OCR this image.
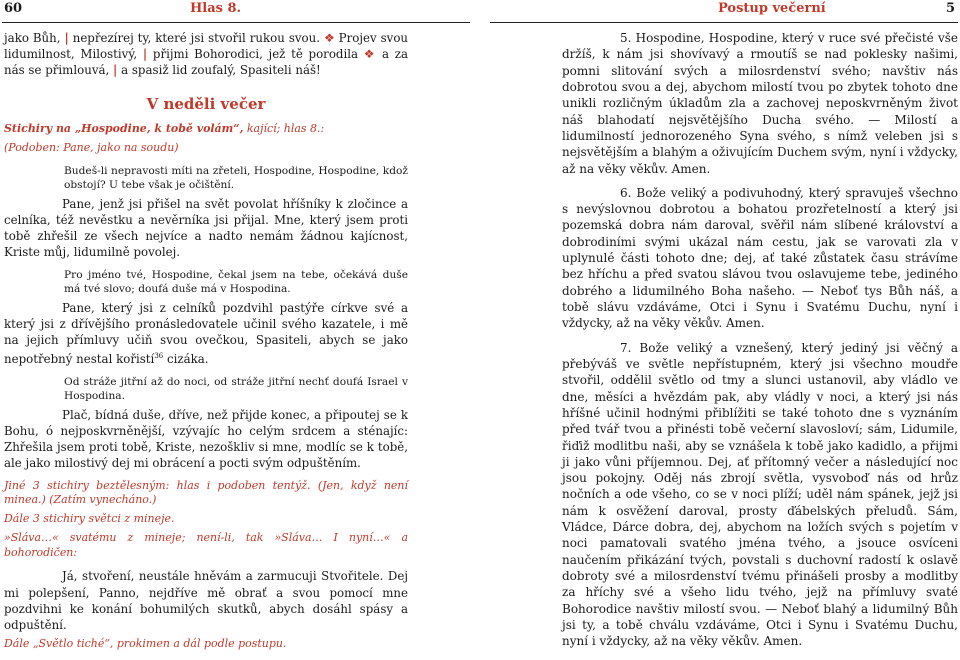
60	Hlas 8.	Postup večerní	5

jako Bůh, | nepřezírej ty, které jsi stvořil rukou svou. ❖ Projev svou lidumilnost, Milostivý, | přijmi Bohorodici, jež tě porodila ❖ a za nás se přimlouvá, | a spasiž lid zoufalý, Spasiteli náš!

V neděli večer

Stichiry na „Hospodine, k tobě volám“, kající; hlas 8.:

(Podoben: Pane, jako na soudu)

Budeš-li nepravosti míti na zřeteli, Hospodine, Hospodine, kdož obstojí? U tebe však je očištění.

Pane, jenž jsi přišel na svět povolat hříšníky k zločince a celníka, též nevěstku a nevěrníka jsi přijal. Mne, který jsem proti tobě zhřešil ze všech nejvíce a nadto nemám žádnou kajícnost, Kriste můj, lidumilně povolej.

Pro jméno tvé, Hospodine, čekal jsem na tebe, očekává duše má tvé slovo; doufá duše má v Hospodina.

Pane, který jsi z celníků pozdvihl pastýře církve své a který jsi z dřívějšího pronásledovatele učinil svého kazatele, i mě na jejich přímluvy učiň svou ovečkou, Spasiteli, abych se jako nepotřebný nestal kořistí$^{36}$ cizáka.

Od stráže jitřní až do noci, od stráže jitřní nechť doufá Israel v Hospodina.

Plač, bídná duše, dříve, než přijde konec, a připoutej se k Bohu, ó nejposkvrněnější, vzývajíc ho celým srdcem a sténajíc: Zhřešila jsem proti tobě, Kriste, nezoškliv si mne, modlíc se k tobě, ale jako milostivý dej mi obrácení a pocti svým odpuštěním.

Jiné 3 stichiry beztělesným: hlas i podoben tentýž. (Jen, když není minea.) (Zatím vynecháno.)

Dále 3 stichiry světci z mineje.

»Sláva…« svatému z mineje; není-li, tak »Sláva… I nyní…« a bohorodičen:

Já, stvoření, neustále hněvám a zarmucuji Stvořitele. Dej mi polepšení, Panno, nejdříve mě obrať a svou pomocí mne pozdvihni ke konání bohumilých skutků, abych dosáhl spásy a odpuštění.

Dále „Světlo tiché“, prokimen a dál podle postupu.

5. Hospodine, Hospodine, který v ruce své přečisté vše držíš, k nám jsi shovívavý a rmoutíš se nad poklesky našimi, pomni slitování svých a milosrdenství svého; navštiv nás dobrotou svou a dej, abychom milostí tvou po zbytek tohoto dne unikli rozličným úkladům zla a zachovej neposkvrněným život náš blahodatí nejsvětějšího Ducha svého. — Milostí a lidumilností jednorozeného Syna svého, s nímž veleben jsi s nejsvětějším a blahým a oživujícím Duchem svým, nyní i vždycky, až na věky věkův. Amen.

6. Bože veliký a podivuhodný, který spravuješ všechno s nevýslovnou dobrotou a bohatou prozřetelností a který jsi pozemská dobra nám daroval, svěřil nám slíbené království a dobrodiními svými ukázal nám cestu, jak se varovati zla v uplynulé části tohoto dne; dej, ať také zůstatek času strávíme bez hříchu a před svatou slávou tvou oslavujeme tebe, jediného dobrého a lidumilného Boha našeho. — Neboť tys Bůh náš, a tobě slávu vzdáváme, Otci i Synu i Svatému Duchu, nyní i vždycky, až na věky věkův. Amen.

7. Bože veliký a vznešený, který jediný jsi věčný a přebýváš ve světle nepřístupném, který jsi všechno moudře stvořil, oddělil světlo od tmy a slunci ustanovil, aby vládlo ve dne, měsíci a hvězdám pak, aby vládly v noci, a který jsi nás hříšné učinil hodnými přiblížiti se také tohoto dne s vyznáním před tvář tvou a přinésti tobě večerní slavosloví; sám, Lidumile, řiďiž modlitbu naši, aby se vznášela k tobě jako kadidlo, a přijmi ji jako vůni příjemnou. Dej, ať přítomný večer a následující noc jsou pokojny. Oděj nás zbrojí světla, vysvoboď nás od hrůz nočních a ode všeho, co se v noci plíží; uděl nám spánek, jejž jsi nám k osvěžení daroval, prosty ďábelských přeludů. Sám, Vládce, Dárce dobra, dej, abychom na ložích svých s pojetím v noci pamatovali svatého jména tvého, a jsouce osvíceni naučením přikázání tvých, povstali s duchovní radostí k oslavě dobroty své a milosrdenství tvému přinášeli prosby a modlitby za hříchy své a všeho lidu tvého, jejž na přímluvy svaté Bohorodice navštiv milostí svou. — Neboť blahý a lidumilný Bůh jsi ty, a tobě chválu vzdáváme, Otci i Synu i Svatému Duchu, nyní i vždycky, až na věky věkův. Amen.
